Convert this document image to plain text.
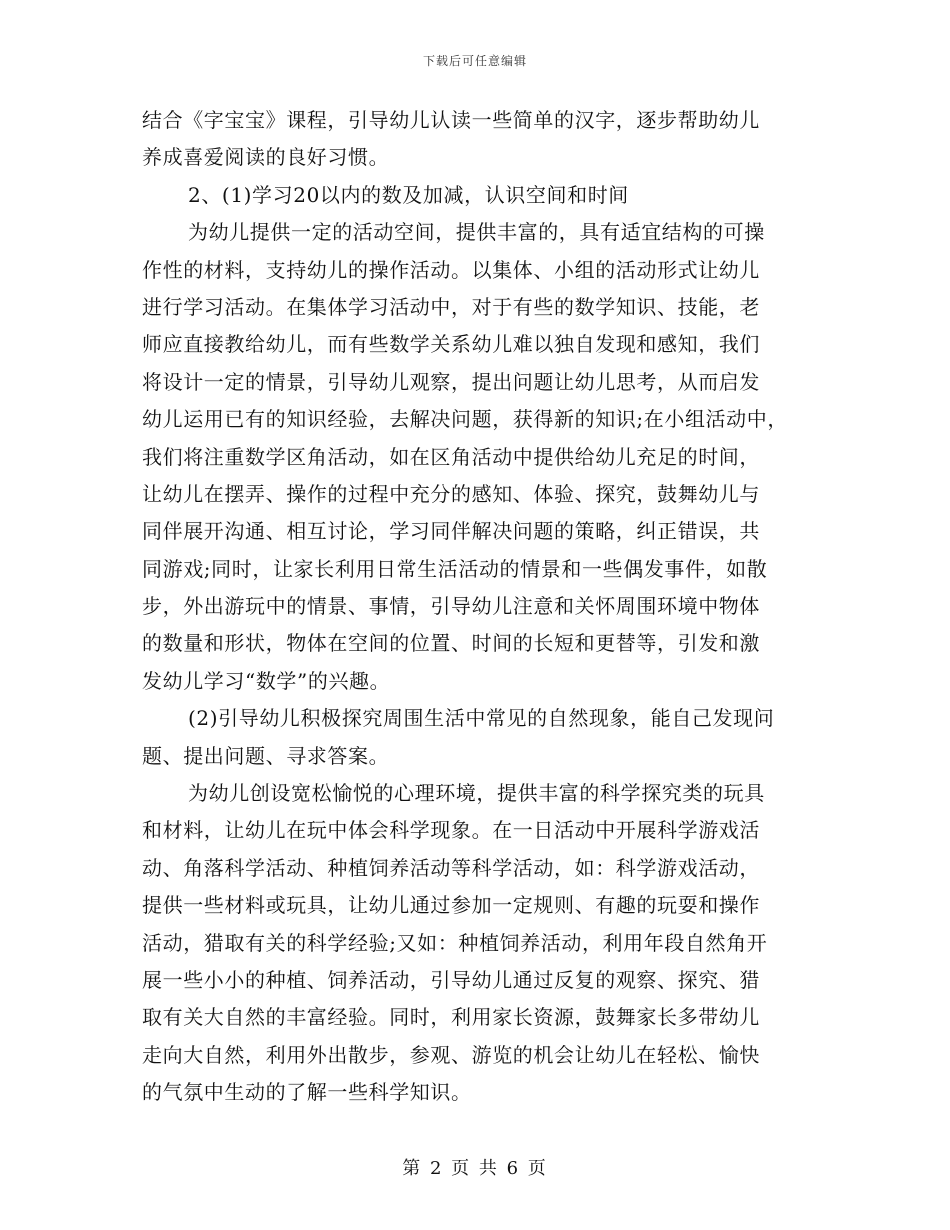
下载后可任意编辑
结合《字宝宝》课程，引导幼儿认读一些简单的汉字，逐步帮助幼儿
养成喜爱阅读的良好习惯。
2、(1)学习20以内的数及加减，认识空间和时间
为幼儿提供一定的活动空间，提供丰富的，具有适宜结构的可操
作性的材料，支持幼儿的操作活动。以集体、小组的活动形式让幼儿
进行学习活动。在集体学习活动中，对于有些的数学知识、技能，老
师应直接教给幼儿，而有些数学关系幼儿难以独自发现和感知，我们
将设计一定的情景，引导幼儿观察，提出问题让幼儿思考，从而启发
幼儿运用已有的知识经验，去解决问题，获得新的知识;在小组活动中，
我们将注重数学区角活动，如在区角活动中提供给幼儿充足的时间，
让幼儿在摆弄、操作的过程中充分的感知、体验、探究，鼓舞幼儿与
同伴展开沟通、相互讨论，学习同伴解决问题的策略，纠正错误，共
同游戏;同时，让家长利用日常生活活动的情景和一些偶发事件，如散
步，外出游玩中的情景、事情，引导幼儿注意和关怀周围环境中物体
的数量和形状，物体在空间的位置、时间的长短和更替等，引发和激
发幼儿学习“数学”的兴趣。
(2)引导幼儿积极探究周围生活中常见的自然现象，能自己发现问
题、提出问题、寻求答案。
为幼儿创设宽松愉悦的心理环境，提供丰富的科学探究类的玩具
和材料，让幼儿在玩中体会科学现象。在一日活动中开展科学游戏活
动、角落科学活动、种植饲养活动等科学活动，如：科学游戏活动，
提供一些材料或玩具，让幼儿通过参加一定规则、有趣的玩耍和操作
活动，猎取有关的科学经验;又如：种植饲养活动，利用年段自然角开
展一些小小的种植、饲养活动，引导幼儿通过反复的观察、探究、猎
取有关大自然的丰富经验。同时，利用家长资源，鼓舞家长多带幼儿
走向大自然，利用外出散步，参观、游览的机会让幼儿在轻松、愉快
的气氛中生动的了解一些科学知识。
第 2 页 共 6 页
